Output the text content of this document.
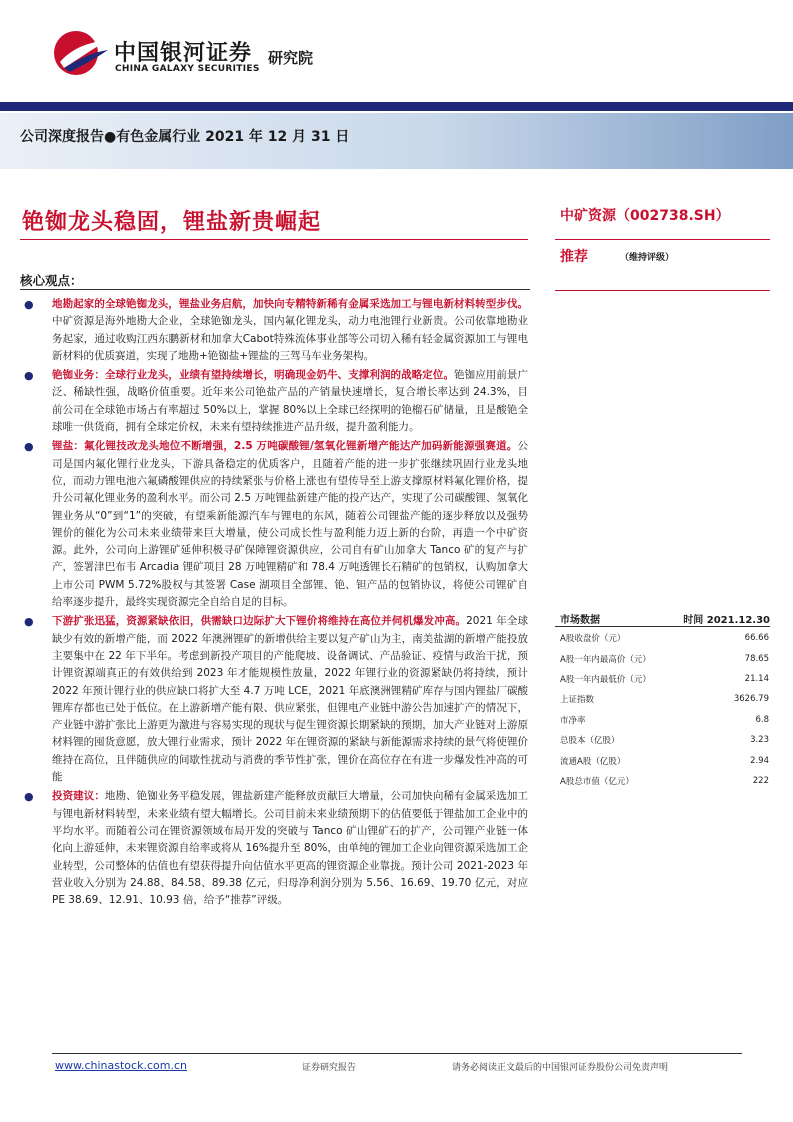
中国银河证券
CHINA GALAXY SECURITIES
研究院
公司深度报告●有色金属行业 2021 年 12 月 31 日
铯铷龙头稳固，锂盐新贵崛起	中矿资源（002738.SH）
推荐	（维持评级）
核心观点：
● 地勘起家的全球铯铷龙头，锂盐业务启航，加快向专精特新稀有金属采选加工与锂电新材料转型步伐。中矿资源是海外地勘大企业，全球铯铷龙头，国内氟化锂龙头，动力电池锂行业新贵。公司依靠地勘业务起家，通过收购江西东鹏新材和加拿大Cabot特殊流体事业部等公司切入稀有轻金属资源加工与锂电新材料的优质赛道，实现了地勘+铯铷盐+锂盐的三驾马车业务架构。
● 铯铷业务：全球行业龙头，业绩有望持续增长，明确现金奶牛、支撑利润的战略定位。铯铷应用前景广泛、稀缺性强，战略价值重要。近年来公司铯盐产品的产销量快速增长，复合增长率达到 24.3%，目前公司在全球铯市场占有率超过 50%以上，掌握 80%以上全球已经探明的铯榴石矿储量，且是酸铯全球唯一供货商，拥有全球定价权，未来有望持续推进产品升级，提升盈利能力。
● 锂盐：氟化锂技改龙头地位不断增强，2.5 万吨碳酸锂/氢氧化锂新增产能达产加码新能源强赛道。公司是国内氟化锂行业龙头，下游具备稳定的优质客户，且随着产能的进一步扩张继续巩固行业龙头地位，而动力锂电池六氟磷酸锂供应的持续紧张与价格上涨也有望传导至上游支撑原材料氟化锂价格，提升公司氟化锂业务的盈利水平。而公司 2.5 万吨锂盐新建产能的投产达产，实现了公司碳酸锂、氢氧化锂业务从“0”到“1”的突破，有望乘新能源汽车与锂电的东风，随着公司锂盐产能的逐步释放以及强势锂价的催化为公司未来业绩带来巨大增量，使公司成长性与盈利能力迈上新的台阶，再造一个中矿资源。此外，公司向上游锂矿延伸积极寻矿保障锂资源供应，公司自有矿山加拿大 Tanco 矿的复产与扩产，签署津巴布韦 Arcadia 锂矿项目 28 万吨锂精矿和 78.4 万吨透锂长石精矿的包销权，认购加拿大上市公司 PWM 5.72%股权与其签署 Case 湖项目全部锂、铯、钽产品的包销协议，将使公司锂矿自给率逐步提升，最终实现资源完全自给自足的目标。
● 下游扩张迅猛，资源紧缺依旧，供需缺口边际扩大下锂价将维持在高位并伺机爆发冲高。2021 年全球缺少有效的新增产能，而 2022 年澳洲锂矿的新增供给主要以复产矿山为主，南美盐湖的新增产能投放主要集中在 22 年下半年。考虑到新投产项目的产能爬坡、设备调试、产品验证、疫情与政治干扰，预计锂资源端真正的有效供给到 2023 年才能规模性放量，2022 年锂行业的资源紧缺仍将持续，预计 2022 年预计锂行业的供应缺口将扩大至 4.7 万吨 LCE，2021 年底澳洲锂精矿库存与国内锂盐厂碳酸锂库存都也已处于低位。在上游新增产能有限、供应紧张，但锂电产业链中游公告加速扩产的情况下，产业链中游扩张比上游更为激进与容易实现的现状与促生锂资源长期紧缺的预期，加大产业链对上游原材料锂的囤货意愿，放大锂行业需求，预计 2022 年在锂资源的紧缺与新能源需求持续的景气将使锂价维持在高位，且伴随供应的间歇性扰动与消费的季节性扩张，锂价在高位存在有进一步爆发性冲高的可能
● 投资建议：地勘、铯铷业务平稳发展，锂盐新建产能释放贡献巨大增量，公司加快向稀有金属采选加工与锂电新材料转型，未来业绩有望大幅增长。公司目前未来业绩预期下的估值要低于锂盐加工企业中的平均水平。而随着公司在锂资源领域布局开发的突破与 Tanco 矿山锂矿石的扩产，公司锂产业链一体化向上游延伸，未来锂资源自给率或将从 16%提升至 80%，由单纯的锂加工企业向锂资源采选加工企业转型，公司整体的估值也有望获得提升向估值水平更高的锂资源企业靠拢。预计公司 2021-2023 年营业收入分别为 24.88、84.58、89.38 亿元，归母净利润分别为 5.56、16.69、19.70 亿元，对应 PE 38.69、12.91、10.93 倍，给予“推荐”评级。
市场数据	时间 2021.12.30
A股收盘价（元）	66.66
A股一年内最高价（元）	78.65
A股一年内最低价（元）	21.14
上证指数	3626.79
市净率	6.8
总股本（亿股）	3.23
流通A股（亿股）	2.94
A股总市值（亿元）	222
www.chinastock.com.cn	证券研究报告	请务必阅读正文最后的中国银河证券股份公司免责声明
